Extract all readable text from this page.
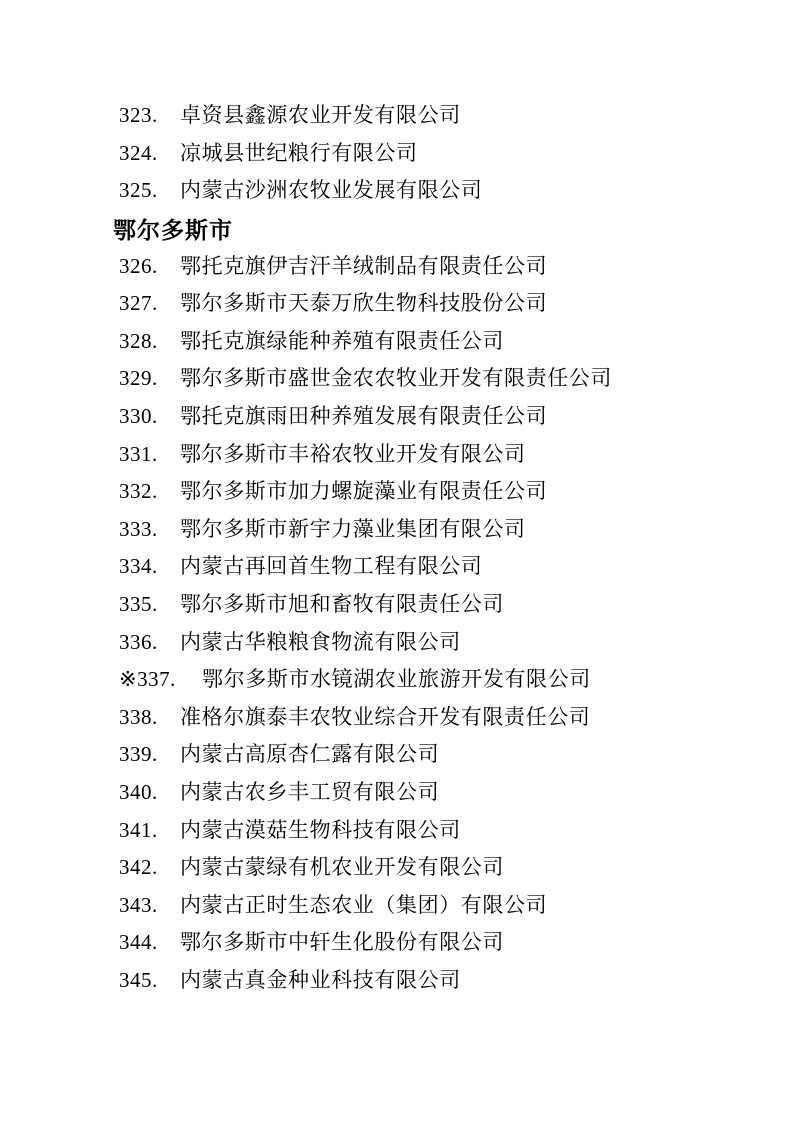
323.	卓资县鑫源农业开发有限公司
324.	凉城县世纪粮行有限公司
325.	内蒙古沙洲农牧业发展有限公司
鄂尔多斯市
326.	鄂托克旗伊吉汗羊绒制品有限责任公司
327.	鄂尔多斯市天泰万欣生物科技股份公司
328.	鄂托克旗绿能种养殖有限责任公司
329.	鄂尔多斯市盛世金农农牧业开发有限责任公司
330.	鄂托克旗雨田种养殖发展有限责任公司
331.	鄂尔多斯市丰裕农牧业开发有限公司
332.	鄂尔多斯市加力螺旋藻业有限责任公司
333.	鄂尔多斯市新宇力藻业集团有限公司
334.	内蒙古再回首生物工程有限公司
335.	鄂尔多斯市旭和畜牧有限责任公司
336.	内蒙古华粮粮食物流有限公司
※337.	鄂尔多斯市水镜湖农业旅游开发有限公司
338.	准格尔旗泰丰农牧业综合开发有限责任公司
339.	内蒙古高原杏仁露有限公司
340.	内蒙古农乡丰工贸有限公司
341.	内蒙古漠菇生物科技有限公司
342.	内蒙古蒙绿有机农业开发有限公司
343.	内蒙古正时生态农业（集团）有限公司
344.	鄂尔多斯市中轩生化股份有限公司
345.	内蒙古真金种业科技有限公司
